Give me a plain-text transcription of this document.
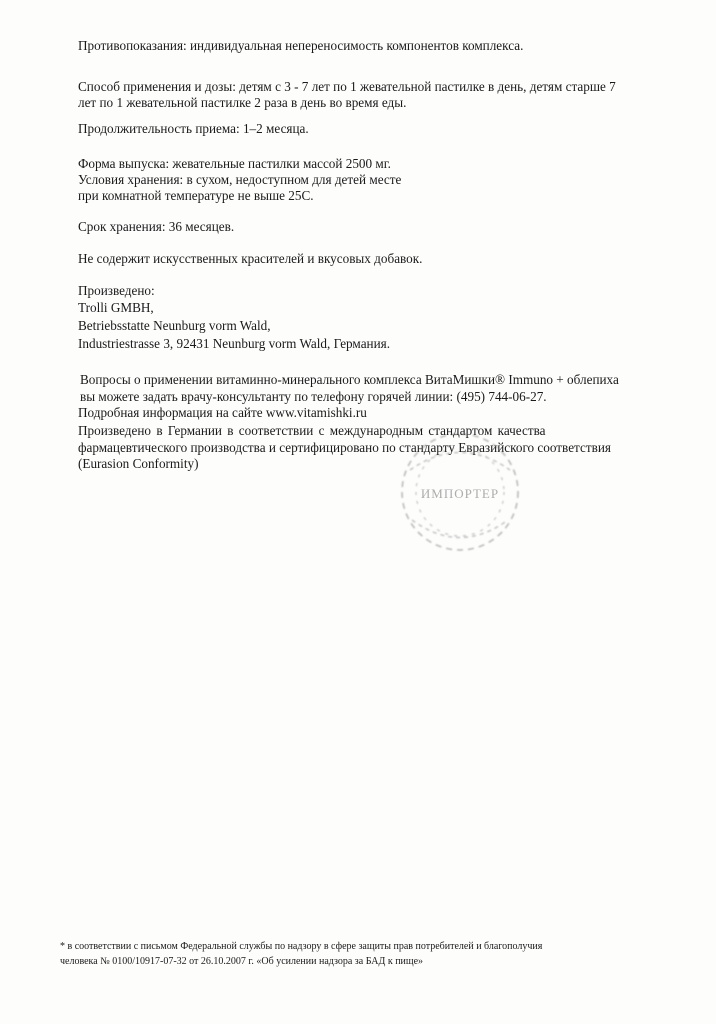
Противопоказания: индивидуальная непереносимость компонентов комплекса.
Способ применения и дозы: детям с 3 - 7 лет по 1 жевательной пастилке в день, детям старше 7
лет по 1 жевательной пастилке 2 раза в день во время еды.
Продолжительность приема: 1–2 месяца.
Форма выпуска: жевательные пастилки массой 2500 мг.
Условия хранения: в сухом, недоступном для детей месте
при комнатной температуре не выше 25С.
Срок хранения: 36 месяцев.
Не содержит искусственных красителей и вкусовых добавок.
Произведено:
Trolli GMBH,
Betriebsstatte Neunburg vorm Wald,
Industriestrasse 3, 92431 Neunburg vorm Wald, Германия.
Вопросы о применении витаминно-минерального комплекса ВитаМишки® Immuno + облепиха
вы можете задать врачу-консультанту по телефону горячей линии: (495) 744-06-27.
Подробная информация на сайте www.vitamishki.ru
Произведено в Германии в соответствии с международным стандартом качества
фармацевтического производства и сертифицировано по стандарту Евразийского соответствия
(Eurasion Conformity)
ИМПОРТЕР
* в соответствии с письмом Федеральной службы по надзору в сфере защиты прав потребителей и благополучия
человека № 0100/10917-07-32 от 26.10.2007 г. «Об усилении надзора за БАД к пище»
